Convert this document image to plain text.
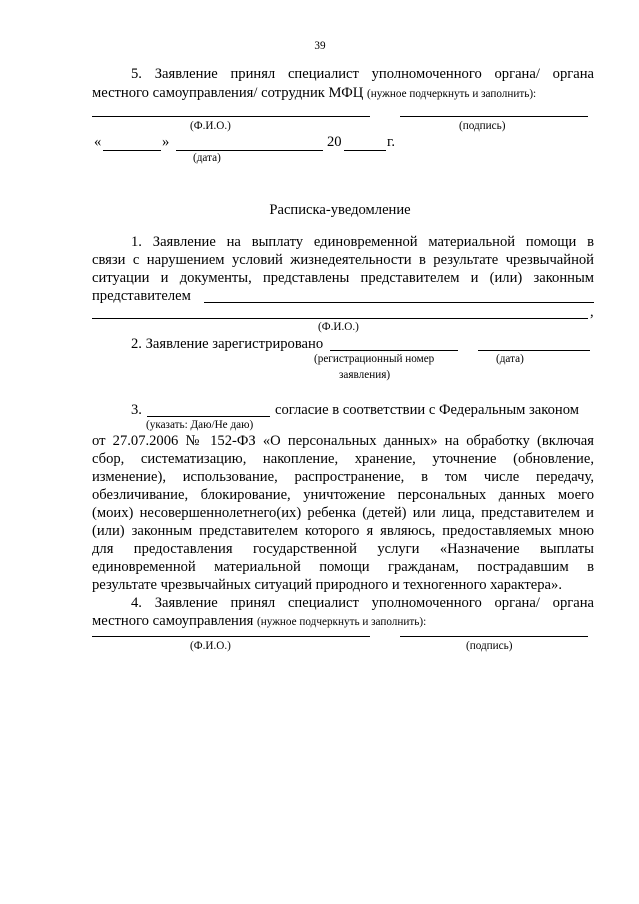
39
5. Заявление принял специалист уполномоченного органа/ органа
местного самоуправления/ сотрудник МФЦ (нужное подчеркнуть и заполнить):
(Ф.И.О.)	(подпись)
«	»	20	г.
(дата)
Расписка-уведомление
1. Заявление на выплату единовременной материальной помощи в
связи с нарушением условий жизнедеятельности в результате чрезвычайной
ситуации и документы, представлены представителем и (или) законным
представителем
,
(Ф.И.О.)
2. Заявление зарегистрировано
(регистрационный номер
заявления)
(дата)
3.	согласие в соответствии с Федеральным законом
(указать: Даю/Не даю)
от 27.07.2006 № 152-ФЗ «О персональных данных» на обработку (включая
сбор, систематизацию, накопление, хранение, уточнение (обновление,
изменение), использование, распространение, в том числе передачу,
обезличивание, блокирование, уничтожение персональных данных моего
(моих) несовершеннолетнего(их) ребенка (детей) или лица, представителем и
(или) законным представителем которого я являюсь, предоставляемых мною
для предоставления государственной услуги «Назначение выплаты
единовременной материальной помощи гражданам, пострадавшим в
результате чрезвычайных ситуаций природного и техногенного характера».
4. Заявление принял специалист уполномоченного органа/ органа
местного самоуправления (нужное подчеркнуть и заполнить):
(Ф.И.О.)	(подпись)
